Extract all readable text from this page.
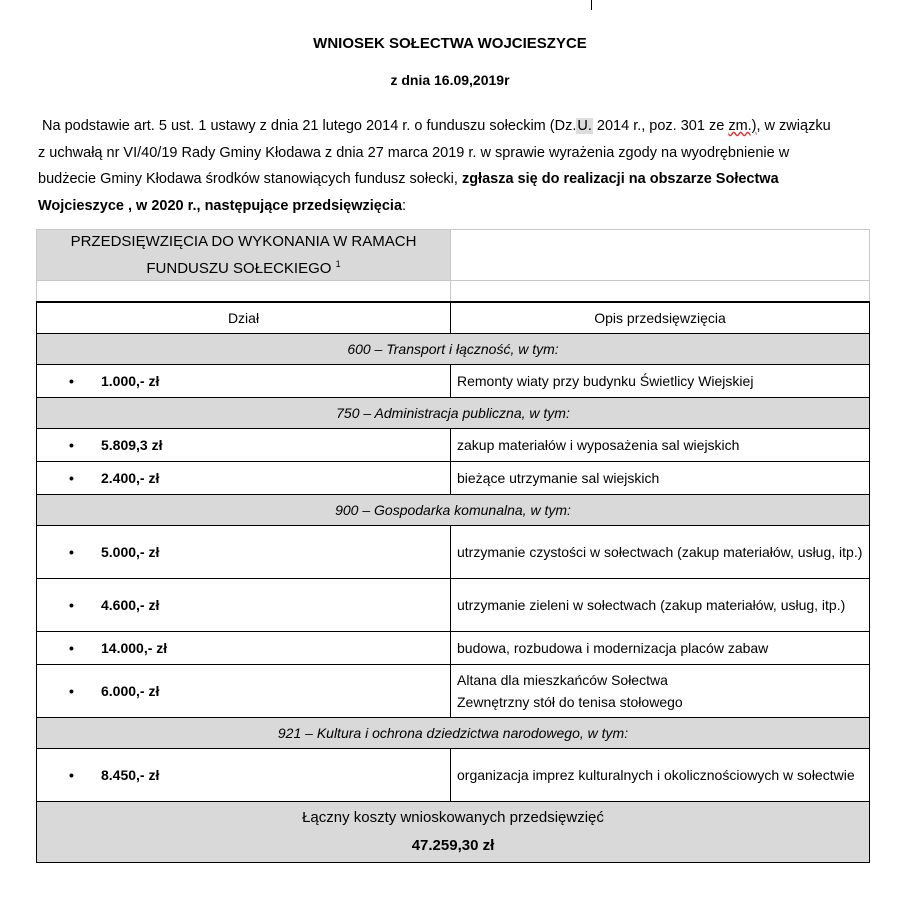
WNIOSEK SOŁECTWA WOJCIESZYCE
z dnia 16.09,2019r
Na podstawie art. 5 ust. 1 ustawy z dnia 21 lutego 2014 r. o funduszu sołeckim (Dz.U. 2014 r., poz. 301 ze zm.), w związku z uchwałą nr VI/40/19 Rady Gminy Kłodawa z dnia 27 marca 2019 r. w sprawie wyrażenia zgody na wyodrębnienie w budżecie Gminy Kłodawa środków stanowiących fundusz sołecki, zgłasza się do realizacji na obszarze Sołectwa Wojcieszyce , w 2020 r., następujące przedsięwzięcia:
PRZEDSIĘWZIĘCIA DO WYKONANIA W RAMACH FUNDUSZU SOŁECKIEGO $^1$	

Dział	Opis przedsięwzięcia
600 – Transport i łączność, w tym:	
• 1.000,- zł	Remonty wiaty przy budynku Świetlicy Wiejskiej
750 – Administracja publiczna, w tym:	
• 5.809,3 zł	zakup materiałów i wyposażenia sal wiejskich
• 2.400,- zł	bieżące utrzymanie sal wiejskich
900 – Gospodarka komunalna, w tym:	
• 5.000,- zł	utrzymanie czystości w sołectwach (zakup materiałów, usług, itp.)
• 4.600,- zł	utrzymanie zieleni w sołectwach (zakup materiałów, usług, itp.)
• 14.000,- zł	budowa, rozbudowa i modernizacja placów zabaw
• 6.000,- zł	Altana dla mieszkańców Sołectwa
Zewnętrzny stół do tenisa stołowego

921 – Kultura i ochrona dziedzictwa narodowego, w tym:	
• 8.450,- zł	organizacja imprez kulturalnych i okolicznościowych w sołectwie

Łączny koszty wnioskowanych przedsięwzięć
47.259,30 zł	
